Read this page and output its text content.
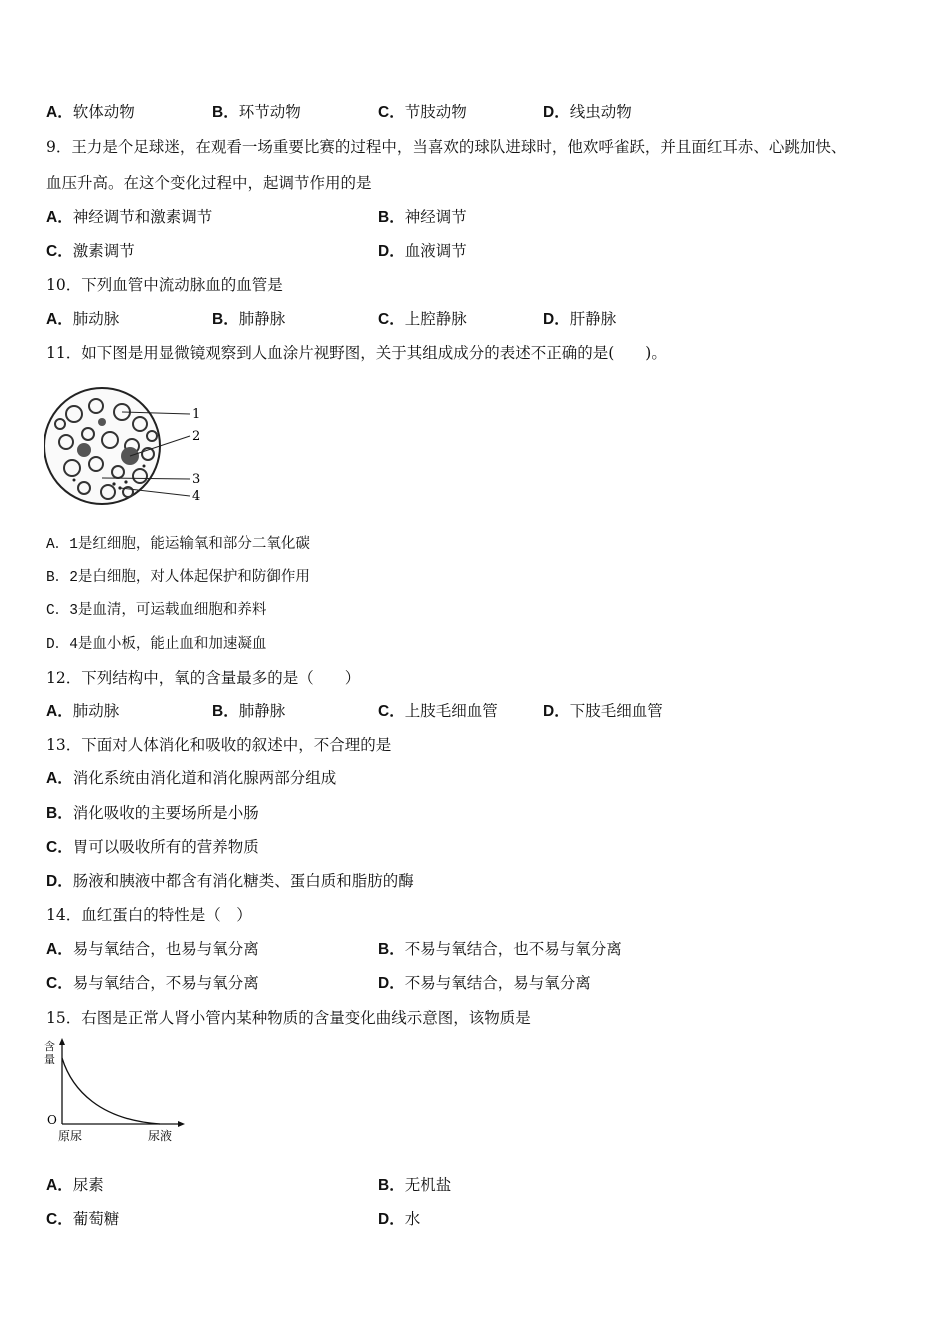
A．软体动物	B．环节动物	C．节肢动物	D．线虫动物
9．王力是个足球迷，在观看一场重要比赛的过程中，当喜欢的球队进球时，他欢呼雀跃，并且面红耳赤、心跳加快、
血压升高。在这个变化过程中，起调节作用的是
A．神经调节和激素调节	B．神经调节
C．激素调节	D．血液调节
10．下列血管中流动脉血的血管是
A．肺动脉	B．肺静脉	C．上腔静脉	D．肝静脉
11．如下图是用显微镜观察到人血涂片视野图，关于其组成成分的表述不正确的是(　　)。
1
2
3
4
A．1是红细胞，能运输氧和部分二氧化碳
B．2是白细胞，对人体起保护和防御作用
C．3是血清，可运载血细胞和养料
D．4是血小板，能止血和加速凝血
12．下列结构中，氧的含量最多的是（　　）
A．肺动脉	B．肺静脉	C．上肢毛细血管	D．下肢毛细血管
13．下面对人体消化和吸收的叙述中，不合理的是
A．消化系统由消化道和消化腺两部分组成
B．消化吸收的主要场所是小肠
C．胃可以吸收所有的营养物质
D．肠液和胰液中都含有消化糖类、蛋白质和脂肪的酶
14．血红蛋白的特性是（　）
A．易与氧结合，也易与氧分离	B．不易与氧结合，也不易与氧分离
C．易与氧结合，不易与氧分离	D．不易与氧结合，易与氧分离
15．右图是正常人肾小管内某种物质的含量变化曲线示意图，该物质是
含
量
O
原尿	尿液
A．尿素	B．无机盐
C．葡萄糖	D．水
